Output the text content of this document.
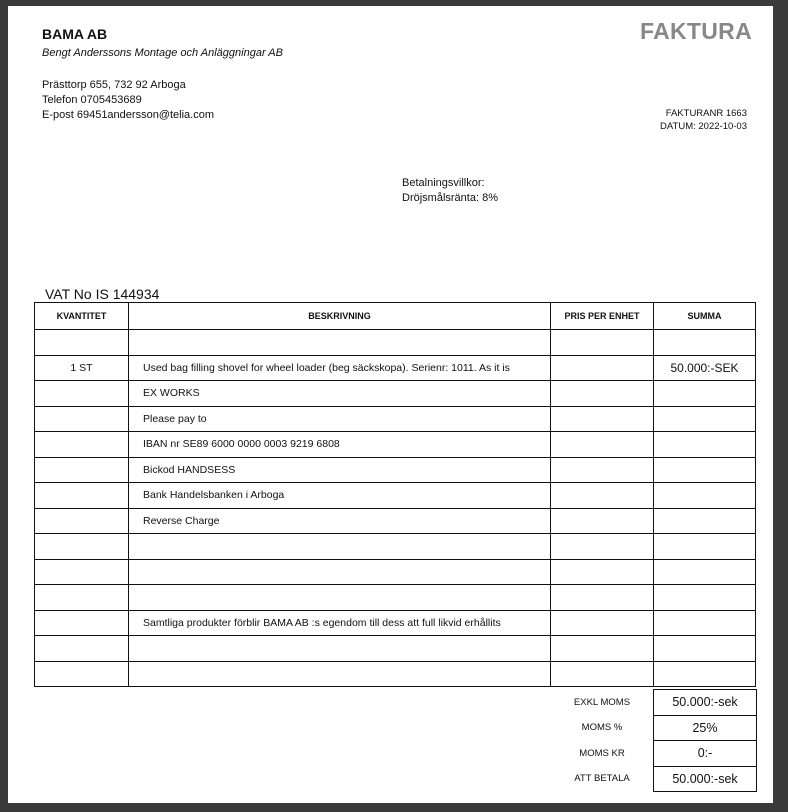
BAMA AB
Bengt Anderssons Montage och Anläggningar AB
Prästtorp 655, 732 92 Arboga
Telefon 0705453689
E-post 69451andersson@telia.com
FAKTURA
FAKTURANR 1663
DATUM: 2022-10-03
Betalningsvillkor:
Dröjsmålsränta: 8%
VAT No IS 144934
KVANTITET	BESKRIVNING	PRIS PER ENHET	SUMMA

1 ST	Used bag filling shovel for wheel loader (beg säckskopa). Serienr: 1011. As it is		50.000:-SEK
	EX WORKS		
	Please pay to		
	IBAN nr SE89 6000 0000 0003 9219 6808		
	Bickod HANDSESS		
	Bank Handelsbanken i Arboga		
	Reverse Charge		

	Samtliga produkter förblir BAMA AB :s egendom till dess att full likvid erhållits		

EXKL MOMS	50.000:-sek
MOMS %	25%
MOMS KR	0:-
ATT BETALA	50.000:-sek
